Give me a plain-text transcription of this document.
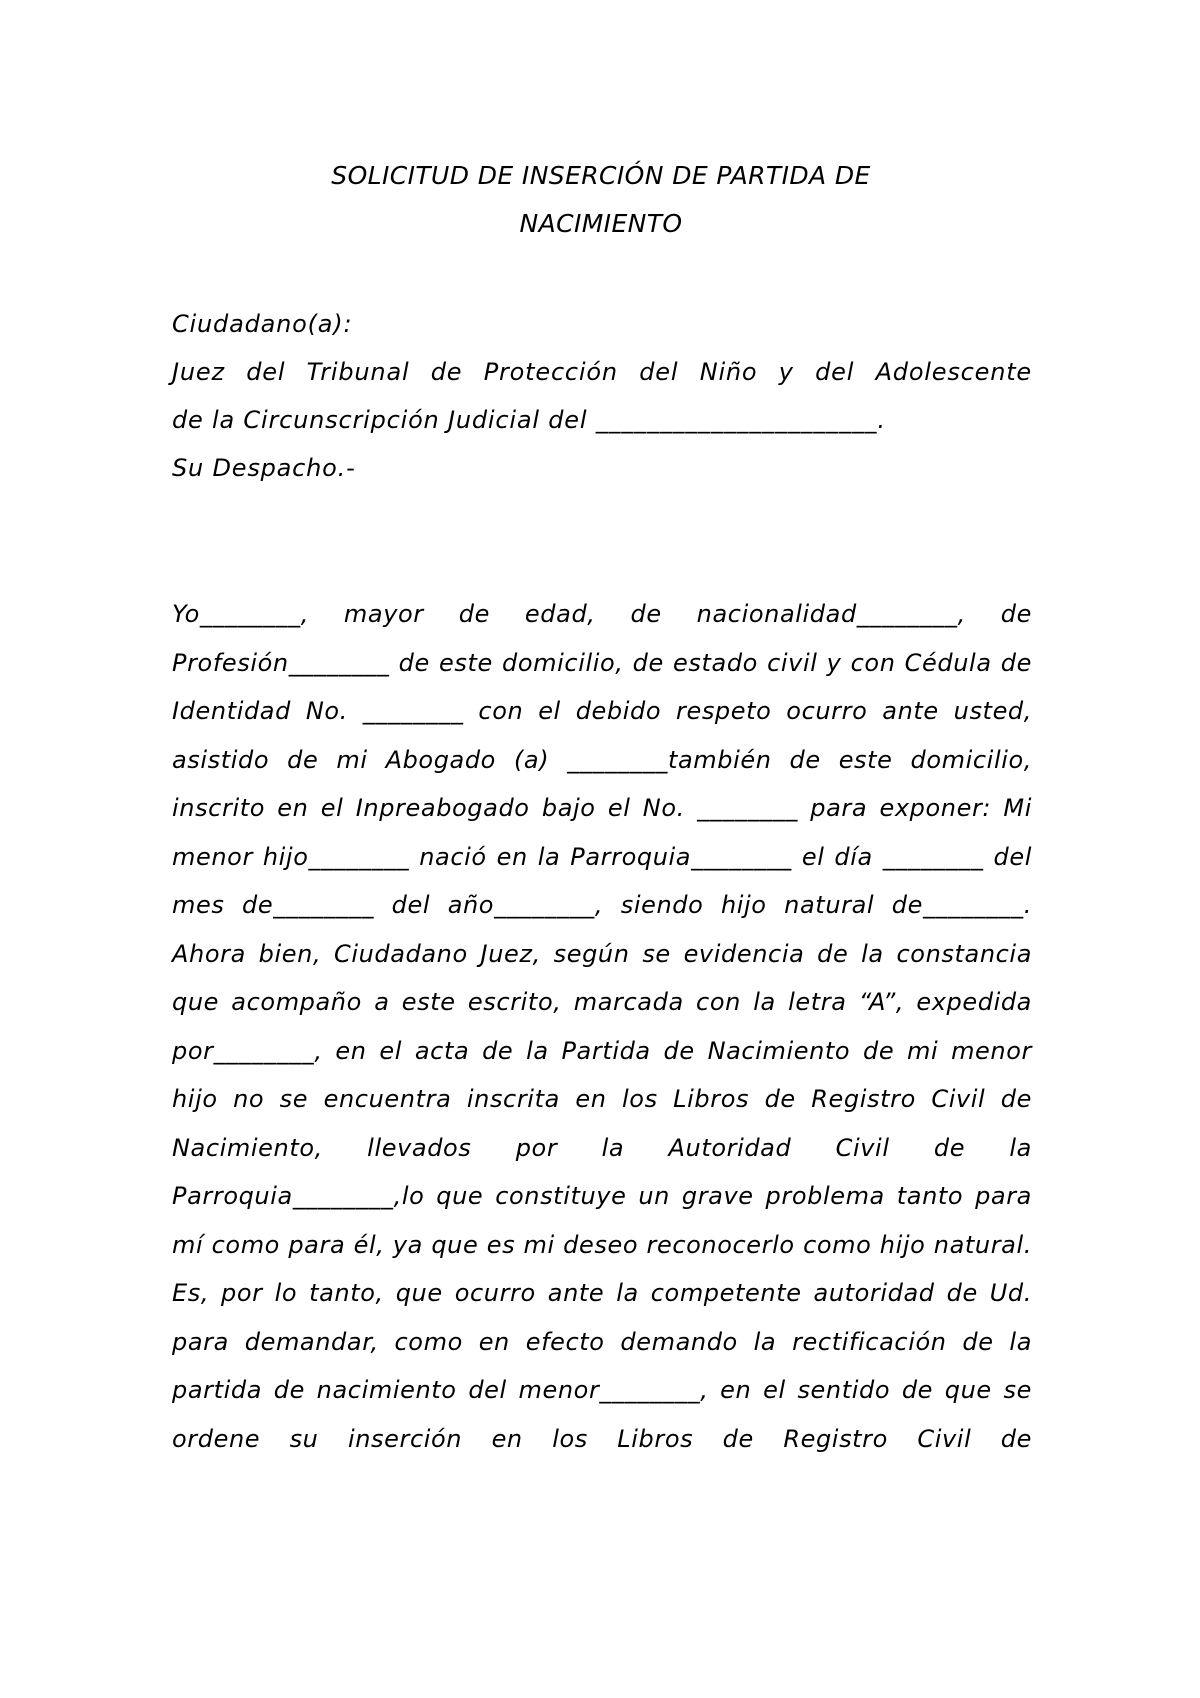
SOLICITUD DE INSERCIÓN DE PARTIDA DE
NACIMIENTO
Ciudadano(a):
Juez del Tribunal de Protección del Niño y del Adolescente
de la Circunscripción Judicial del ______________________.
Su Despacho.-

Yo________, mayor de edad, de nacionalidad________, de Profesión________ de este domicilio, de estado civil y con Cédula de Identidad No. ________ con el debido respeto ocurro ante usted, asistido de mi Abogado (a) ________también de este domicilio, inscrito en el Inpreabogado bajo el No. ________ para exponer: Mi menor hijo________ nació en la Parroquia________ el día ________ del mes de________ del año________, siendo hijo natural de________. Ahora bien, Ciudadano Juez, según se evidencia de la constancia que acompaño a este escrito, marcada con la letra “A”, expedida por________, en el acta de la Partida de Nacimiento de mi menor hijo no se encuentra inscrita en los Libros de Registro Civil de Nacimiento, llevados por la Autoridad Civil de la Parroquia________,lo que constituye un grave problema tanto para mí como para él, ya que es mi deseo reconocerlo como hijo natural. Es, por lo tanto, que ocurro ante la competente autoridad de Ud. para demandar, como en efecto demando la rectificación de la partida de nacimiento del menor________, en el sentido de que se ordene su inserción en los Libros de Registro Civil de
